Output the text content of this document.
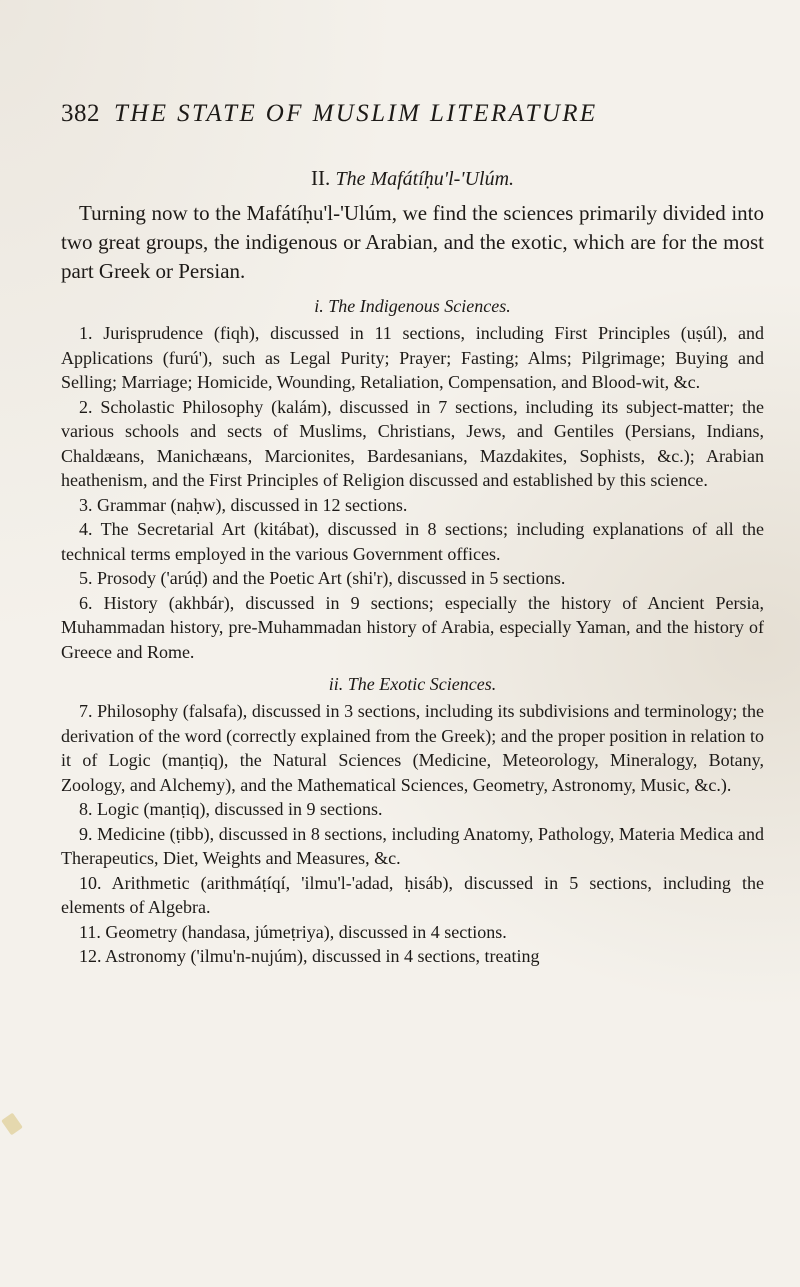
382 THE STATE OF MUSLIM LITERATURE
II. The Mafátíḥu'l-'Ulúm.

Turning now to the Mafátíḥu'l-'Ulúm, we find the sciences primarily divided into two great groups, the indigenous or Arabian, and the exotic, which are for the most part Greek or Persian.

i. The Indigenous Sciences.

1. Jurisprudence (fiqh), discussed in 11 sections, including First Principles (uṣúl), and Applications (furú'), such as Legal Purity; Prayer; Fasting; Alms; Pilgrimage; Buying and Selling; Marriage; Homicide, Wounding, Retaliation, Compensation, and Blood-wit, &c.

2. Scholastic Philosophy (kalám), discussed in 7 sections, including its subject-matter; the various schools and sects of Muslims, Christians, Jews, and Gentiles (Persians, Indians, Chaldæans, Manichæans, Marcionites, Bardesanians, Mazdakites, Sophists, &c.); Arabian heathenism, and the First Principles of Religion discussed and established by this science.

3. Grammar (naḥw), discussed in 12 sections.

4. The Secretarial Art (kitábat), discussed in 8 sections; including explanations of all the technical terms employed in the various Government offices.

5. Prosody ('arúḍ) and the Poetic Art (shi'r), discussed in 5 sections.

6. History (akhbár), discussed in 9 sections; especially the history of Ancient Persia, Muhammadan history, pre-Muhammadan history of Arabia, especially Yaman, and the history of Greece and Rome.

ii. The Exotic Sciences.

7. Philosophy (falsafa), discussed in 3 sections, including its subdivisions and terminology; the derivation of the word (correctly explained from the Greek); and the proper position in relation to it of Logic (manṭiq), the Natural Sciences (Medicine, Meteorology, Mineralogy, Botany, Zoology, and Alchemy), and the Mathematical Sciences, Geometry, Astronomy, Music, &c.).

8. Logic (manṭiq), discussed in 9 sections.

9. Medicine (ṭibb), discussed in 8 sections, including Anatomy, Pathology, Materia Medica and Therapeutics, Diet, Weights and Measures, &c.

10. Arithmetic (arithmáṭíqí, 'ilmu'l-'adad, ḥisáb), discussed in 5 sections, including the elements of Algebra.

11. Geometry (handasa, júmeṭriya), discussed in 4 sections.

12. Astronomy ('ilmu'n-nujúm), discussed in 4 sections, treating
